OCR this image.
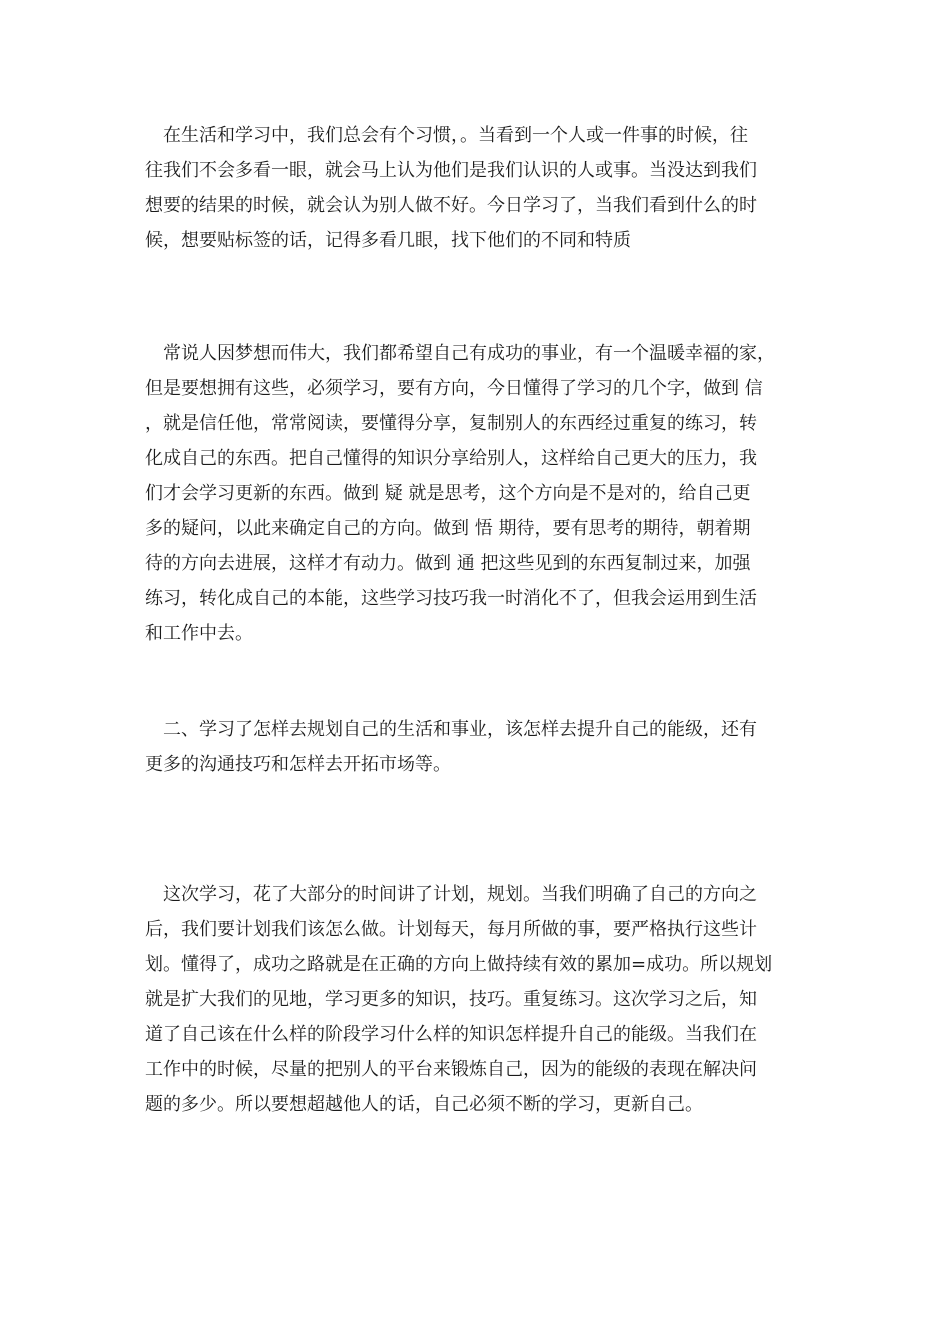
　在生活和学习中，我们总会有个习惯，。当看到一个人或一件事的时候，往
往我们不会多看一眼，就会马上认为他们是我们认识的人或事。当没达到我们
想要的结果的时候，就会认为别人做不好。今日学习了，当我们看到什么的时
候，想要贴标签的话，记得多看几眼，找下他们的不同和特质
　常说人因梦想而伟大，我们都希望自己有成功的事业，有一个温暖幸福的家，
但是要想拥有这些，必须学习，要有方向，今日懂得了学习的几个字，做到 信
，就是信任他，常常阅读，要懂得分享，复制别人的东西经过重复的练习，转
化成自己的东西。把自己懂得的知识分享给别人，这样给自己更大的压力，我
们才会学习更新的东西。做到 疑 就是思考，这个方向是不是对的，给自己更
多的疑问，以此来确定自己的方向。做到 悟 期待，要有思考的期待，朝着期
待的方向去进展，这样才有动力。做到 通 把这些见到的东西复制过来，加强
练习，转化成自己的本能，这些学习技巧我一时消化不了，但我会运用到生活
和工作中去。
　二、学习了怎样去规划自己的生活和事业，该怎样去提升自己的能级，还有
更多的沟通技巧和怎样去开拓市场等。
　这次学习，花了大部分的时间讲了计划，规划。当我们明确了自己的方向之
后，我们要计划我们该怎么做。计划每天，每月所做的事，要严格执行这些计
划。懂得了，成功之路就是在正确的方向上做持续有效的累加=成功。所以规划
就是扩大我们的见地，学习更多的知识，技巧。重复练习。这次学习之后，知
道了自己该在什么样的阶段学习什么样的知识怎样提升自己的能级。当我们在
工作中的时候，尽量的把别人的平台来锻炼自己，因为的能级的表现在解决问
题的多少。所以要想超越他人的话，自己必须不断的学习，更新自己。
